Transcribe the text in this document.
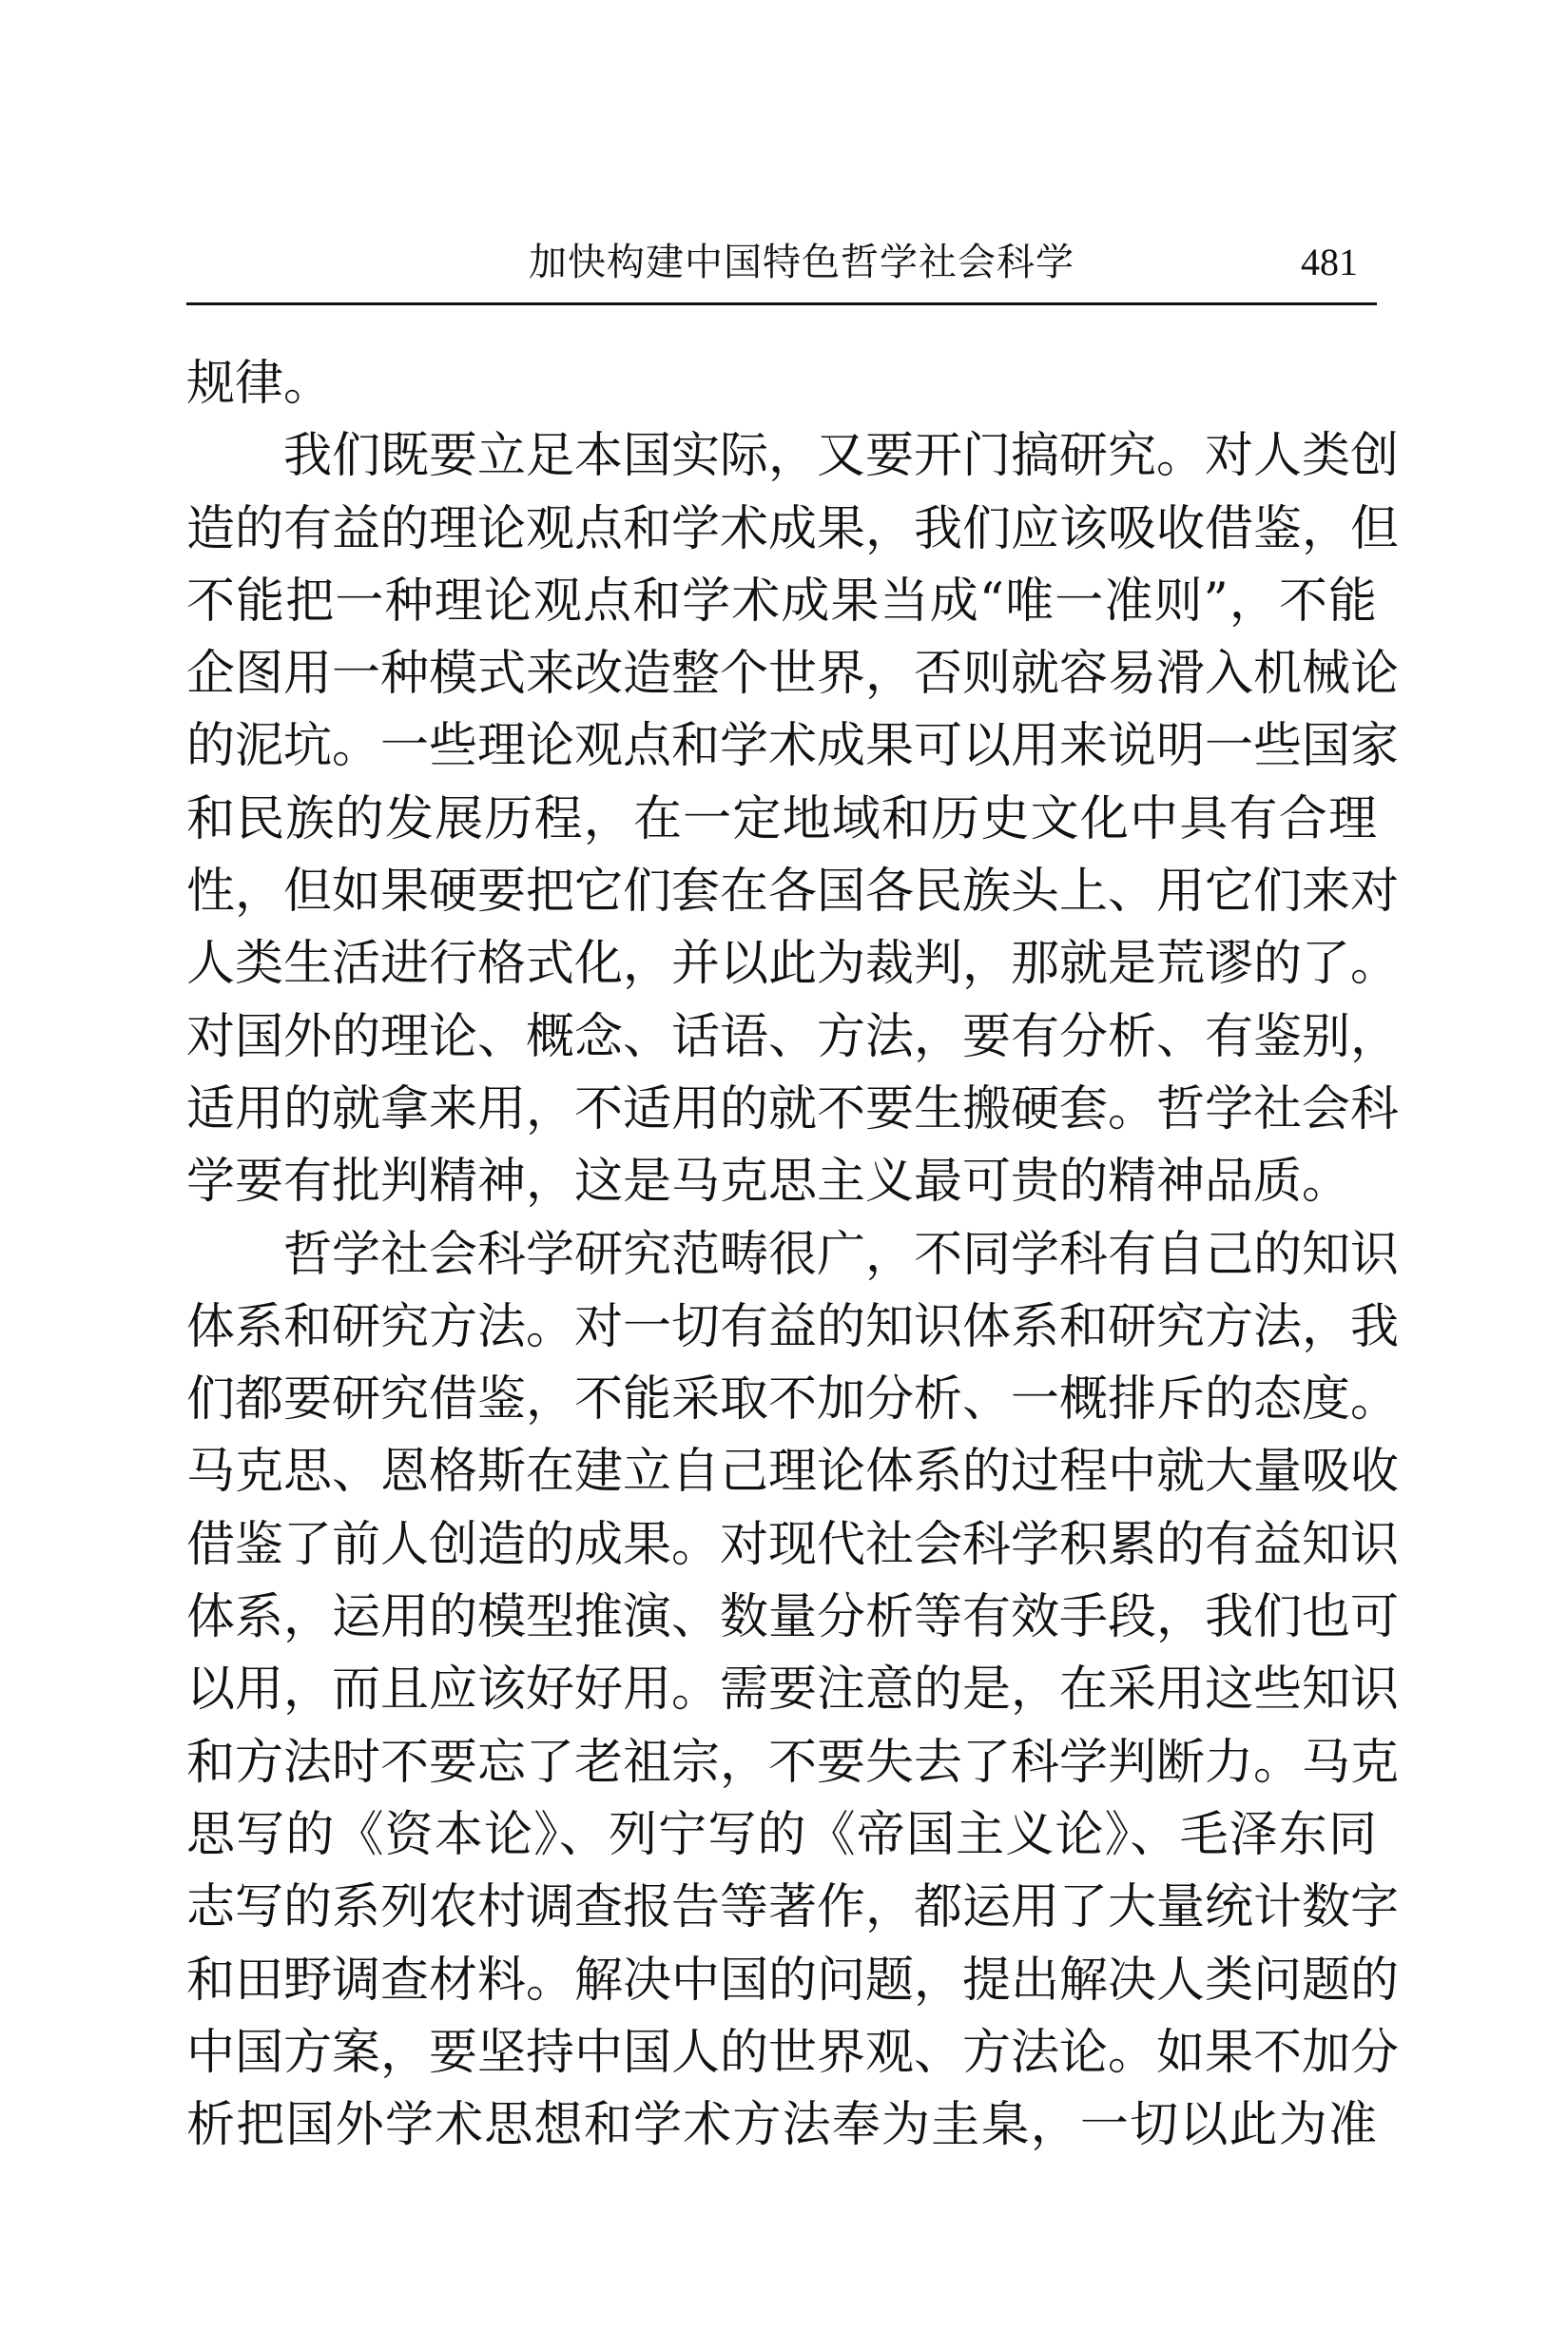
加快构建中国特色哲学社会科学	481
规律。
　　我们既要立足本国实际，又要开门搞研究。对人类创
造的有益的理论观点和学术成果，我们应该吸收借鉴，但
不能把一种理论观点和学术成果当成“唯一准则”，不能
企图用一种模式来改造整个世界，否则就容易滑入机械论
的泥坑。一些理论观点和学术成果可以用来说明一些国家
和民族的发展历程，在一定地域和历史文化中具有合理
性，但如果硬要把它们套在各国各民族头上、用它们来对
人类生活进行格式化，并以此为裁判，那就是荒谬的了。
对国外的理论、概念、话语、方法，要有分析、有鉴别，
适用的就拿来用，不适用的就不要生搬硬套。哲学社会科
学要有批判精神，这是马克思主义最可贵的精神品质。
　　哲学社会科学研究范畴很广，不同学科有自己的知识
体系和研究方法。对一切有益的知识体系和研究方法，我
们都要研究借鉴，不能采取不加分析、一概排斥的态度。
马克思、恩格斯在建立自己理论体系的过程中就大量吸收
借鉴了前人创造的成果。对现代社会科学积累的有益知识
体系，运用的模型推演、数量分析等有效手段，我们也可
以用，而且应该好好用。需要注意的是，在采用这些知识
和方法时不要忘了老祖宗，不要失去了科学判断力。马克
思写的《资本论》、列宁写的《帝国主义论》、毛泽东同
志写的系列农村调查报告等著作，都运用了大量统计数字
和田野调查材料。解决中国的问题，提出解决人类问题的
中国方案，要坚持中国人的世界观、方法论。如果不加分
析把国外学术思想和学术方法奉为圭臬，一切以此为准
